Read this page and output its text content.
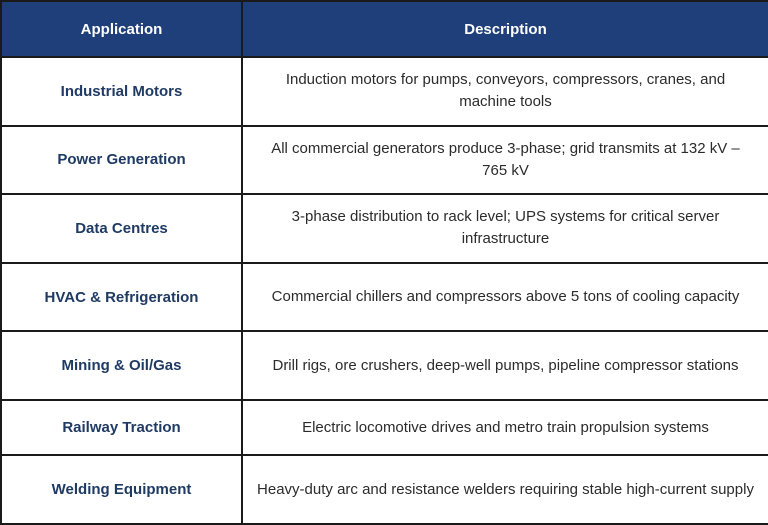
Application	Description
Industrial Motors	Induction motors for pumps, conveyors, compressors, cranes, and machine tools
Power Generation	All commercial generators produce 3-phase; grid transmits at 132 kV – 765 kV
Data Centres	3-phase distribution to rack level; UPS systems for critical server infrastructure
HVAC & Refrigeration	Commercial chillers and compressors above 5 tons of cooling capacity
Mining & Oil/Gas	Drill rigs, ore crushers, deep-well pumps, pipeline compressor stations
Railway Traction	Electric locomotive drives and metro train propulsion systems
Welding Equipment	Heavy-duty arc and resistance welders requiring stable high-current supply
